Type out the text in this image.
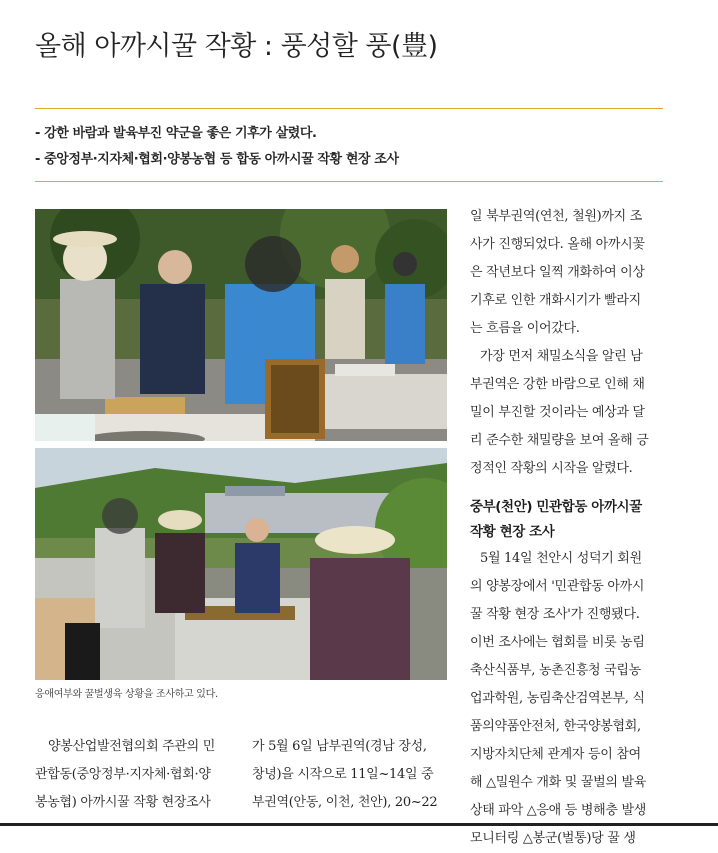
올해 아까시꿀 작황 : 풍성할 풍(豊)
- 강한 바람과 발육부진 약군을 좋은 기후가 살렸다.
- 중앙정부·지자체·협회·양봉농협 등 합동 아까시꿀 작황 현장 조사
응애여부와 꿀벌생육 상황을 조사하고 있다.
양봉산업발전협의회 주관의 민
관합동(중앙정부·지자체·협회·양
봉농협) 아까시꿀 작황 현장조사
가 5월 6일 남부권역(경남 장성,
창녕)을 시작으로 11일~14일 중
부권역(안동, 이천, 천안), 20~22
일 북부권역(연천, 철원)까지 조
사가 진행되었다. 올해 아까시꽃
은 작년보다 일찍 개화하여 이상
기후로 인한 개화시기가 빨라지
는 흐름을 이어갔다.
가장 먼저 채밀소식을 알린 남
부권역은 강한 바람으로 인해 채
밀이 부진할 것이라는 예상과 달
리 준수한 채밀량을 보여 올해 긍
정적인 작황의 시작을 알렸다.
중부(천안) 민관합동 아까시꿀
작황 현장 조사
5월 14일 천안시 성덕기 회원
의 양봉장에서 '민관합동 아까시
꿀 작황 현장 조사'가 진행됐다.
이번 조사에는 협회를 비롯 농림
축산식품부, 농촌진흥청 국립농
업과학원, 농림축산검역본부, 식
품의약품안전처, 한국양봉협회,
지방자치단체 관계자 등이 참여
해 △밀원수 개화 및 꿀벌의 발육
상태 파악 △응애 등 병해충 발생
모니터링 △봉군(벌통)당 꿀 생
